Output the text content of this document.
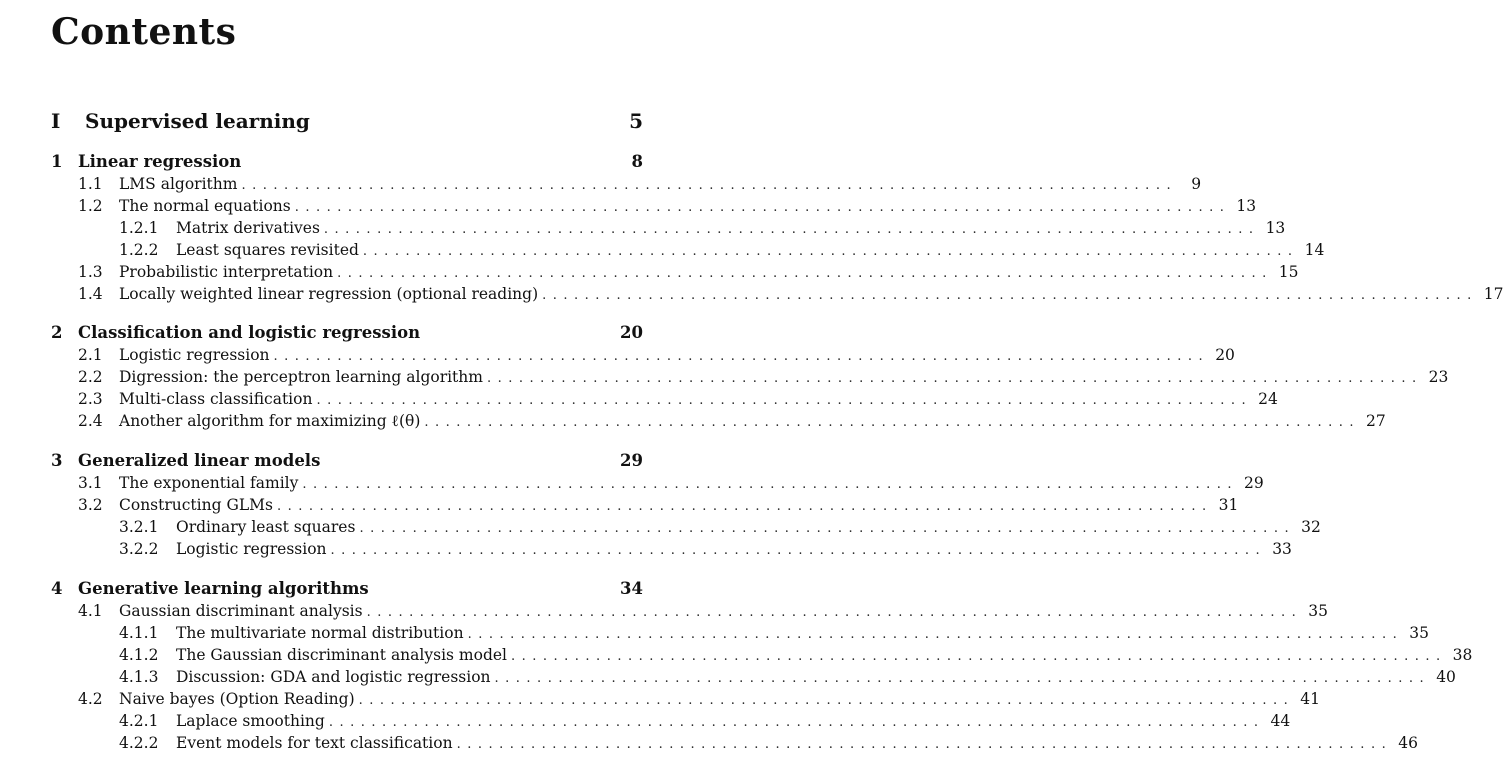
Contents
I	Supervised learning	5
1 Linear regression	8
1.1	LMS algorithm ........................................................................................ 9
1.2	The normal equations ........................................................................................ 13
1.2.1	Matrix derivatives ........................................................................................ 13
1.2.2	Least squares revisited ........................................................................................ 14
1.3	Probabilistic interpretation ........................................................................................ 15
1.4	Locally weighted linear regression (optional reading) ........................................................................................ 17
2 Classification and logistic regression	20
2.1	Logistic regression ........................................................................................ 20
2.2	Digression: the perceptron learning algorithm ........................................................................................ 23
2.3	Multi-class classification ........................................................................................ 24
2.4	Another algorithm for maximizing ℓ(θ) ........................................................................................ 27
3 Generalized linear models	29
3.1	The exponential family ........................................................................................ 29
3.2	Constructing GLMs ........................................................................................ 31
3.2.1	Ordinary least squares ........................................................................................ 32
3.2.2	Logistic regression ........................................................................................ 33
4 Generative learning algorithms	34
4.1	Gaussian discriminant analysis ........................................................................................ 35
4.1.1	The multivariate normal distribution ........................................................................................ 35
4.1.2	The Gaussian discriminant analysis model ........................................................................................ 38
4.1.3	Discussion: GDA and logistic regression ........................................................................................ 40
4.2	Naive bayes (Option Reading) ........................................................................................ 41
4.2.1	Laplace smoothing ........................................................................................ 44
4.2.2	Event models for text classification ........................................................................................ 46
